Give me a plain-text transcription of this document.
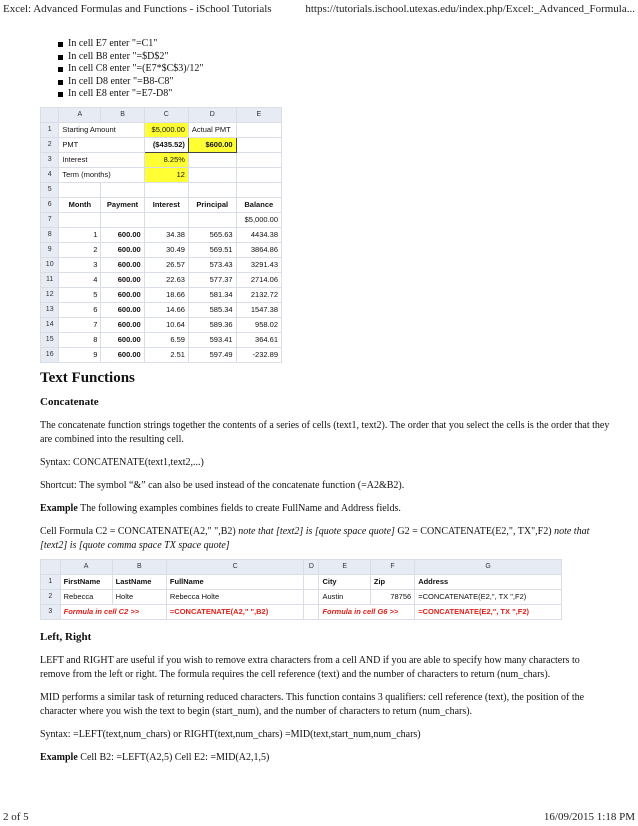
Excel: Advanced Formulas and Functions - iSchool Tutorials	https://tutorials.ischool.utexas.edu/index.php/Excel:_Advanced_Formula...
In cell E7 enter "=C1"
In cell B8 enter "=$D$2"
In cell C8 enter "=(E7*$C$3)/12"
In cell D8 enter "=B8-C8"
In cell E8 enter "=E7-D8"
	A	B	C	D	E
1	Starting Amount		$5,000.00	Actual PMT	
2	PMT		($435.52)	$600.00	
3	Interest		8.25%		
4	Term (months)		12		
5					
6	Month	Payment	Interest	Principal	Balance
7					$5,000.00
8	1	600.00	34.38	565.63	4434.38
9	2	600.00	30.49	569.51	3864.86
10	3	600.00	26.57	573.43	3291.43
11	4	600.00	22.63	577.37	2714.06
12	5	600.00	18.66	581.34	2132.72
13	6	600.00	14.66	585.34	1547.38
14	7	600.00	10.64	589.36	958.02
15	8	600.00	6.59	593.41	364.61
16	9	600.00	2.51	597.49	-232.89
Text Functions
Concatenate

The concatenate function strings together the contents of a series of cells (text1, text2). The order that you select the cells is the order that they are combined into the resulting cell.

Syntax: CONCATENATE(text1,text2,...)

Shortcut: The symbol “&” can also be used instead of the concatenate function (=A2&B2).

Example The following examples combines fields to create FullName and Address fields.

Cell Formula C2 = CONCATENATE(A2," ",B2) note that [text2] is [quote space quote] G2 = CONCATENATE(E2,", TX",F2) note that [text2] is [quote comma space TX space quote]

	A	B	C	D	E	F	G
1	FirstName	LastName	FullName		City	Zip	Address
2	Rebecca	Holte	Rebecca Holte		Austin	78756	=CONCATENATE(E2,", TX ",F2)
3	Formula in cell C2 >>		=CONCATENATE(A2," ",B2)		Formula in cell G6 >>		=CONCATENATE(E2,", TX ",F2)
Left, Right

LEFT and RIGHT are useful if you wish to remove extra characters from a cell AND if you are able to specify how many characters to remove from the left or right. The formula requires the cell reference (text) and the number of characters to return (num_chars).

MID performs a similar task of returning reduced characters. This function contains 3 qualifiers: cell reference (text), the position of the character where you wish the text to begin (start_num), and the number of characters to return (num_chars).

Syntax: =LEFT(text,num_chars) or RIGHT(text,num_chars) =MID(text,start_num,num_chars)

Example Cell B2: =LEFT(A2,5) Cell E2: =MID(A2,1,5)

2 of 5	16/09/2015 1:18 PM
